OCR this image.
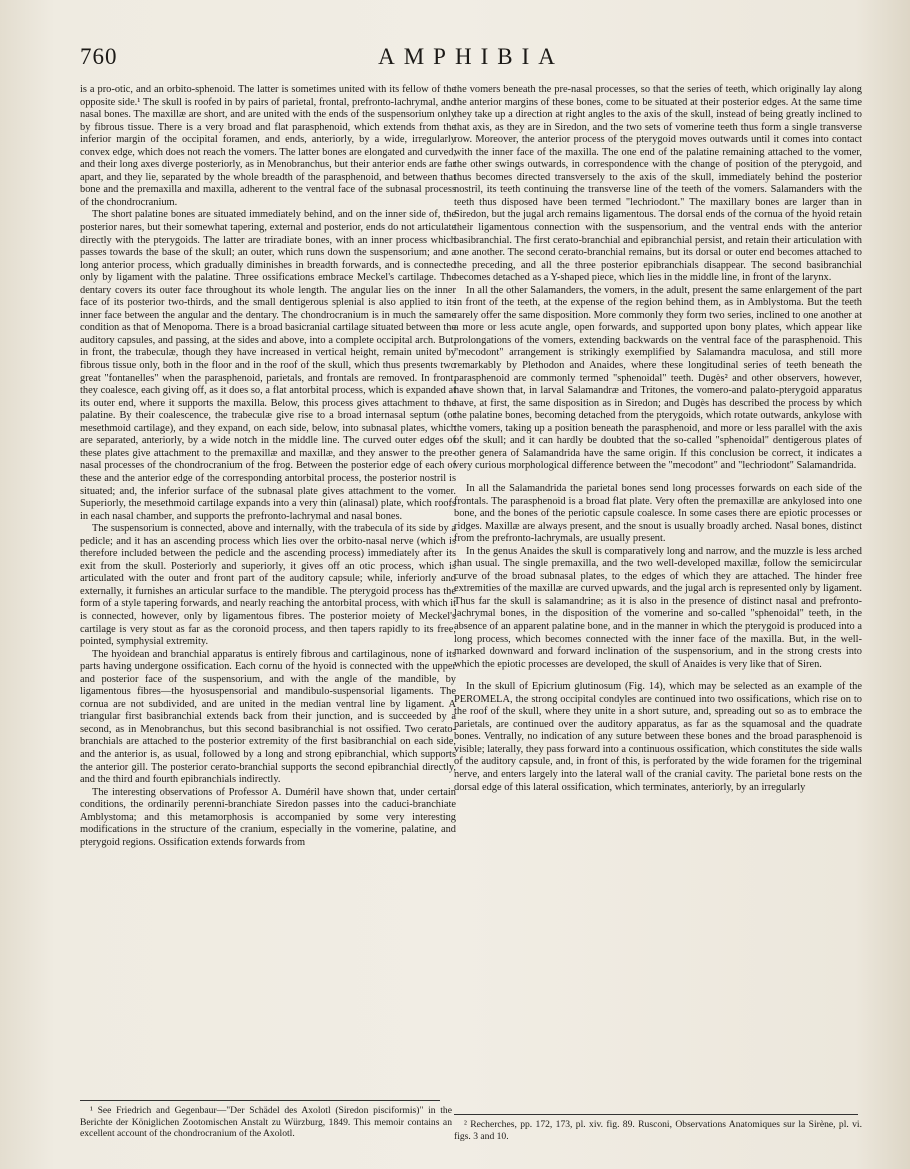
760	AMPHIBIA

is a pro-otic, and an orbito-sphenoid. The latter is sometimes united with its fellow of the opposite side.¹ The skull is roofed in by pairs of parietal, frontal, prefronto-lachrymal, and nasal bones. The maxillæ are short, and are united with the ends of the suspensorium only by fibrous tissue. There is a very broad and flat parasphenoid, which extends from the inferior margin of the occipital foramen, and ends, anteriorly, by a wide, irregularly convex edge, which does not reach the vomers. The latter bones are elongated and curved, and their long axes diverge posteriorly, as in Menobranchus, but their anterior ends are far apart, and they lie, separated by the whole breadth of the parasphenoid, and between that bone and the premaxilla and maxilla, adherent to the ventral face of the subnasal process of the chondrocranium.

The short palatine bones are situated immediately behind, and on the inner side of, the posterior nares, but their somewhat tapering, external and posterior, ends do not articulate directly with the pterygoids. The latter are triradiate bones, with an inner process which passes towards the base of the skull; an outer, which runs down the suspensorium; and a long anterior process, which gradually diminishes in breadth forwards, and is connected only by ligament with the palatine. Three ossifications embrace Meckel's cartilage. The dentary covers its outer face throughout its whole length. The angular lies on the inner face of its posterior two-thirds, and the small dentigerous splenial is also applied to its inner face between the angular and the dentary. The chondrocranium is in much the same condition as that of Menopoma. There is a broad basicranial cartilage situated between the auditory capsules, and passing, at the sides and above, into a complete occipital arch. But, in front, the trabeculæ, though they have increased in vertical height, remain united by fibrous tissue only, both in the floor and in the roof of the skull, which thus presents two great "fontanelles" when the parasphenoid, parietals, and frontals are removed. In front, they coalesce, each giving off, as it does so, a flat antorbital process, which is expanded at its outer end, where it supports the maxilla. Below, this process gives attachment to the palatine. By their coalescence, the trabeculæ give rise to a broad internasal septum (or mesethmoid cartilage), and they expand, on each side, below, into subnasal plates, which are separated, anteriorly, by a wide notch in the middle line. The curved outer edges of these plates give attachment to the premaxillæ and maxillæ, and they answer to the pre-nasal processes of the chondrocranium of the frog. Between the posterior edge of each of these and the anterior edge of the corresponding antorbital process, the posterior nostril is situated; and, the inferior surface of the subnasal plate gives attachment to the vomer. Superiorly, the mesethmoid cartilage expands into a very thin (alinasal) plate, which roofs in each nasal chamber, and supports the prefronto-lachrymal and nasal bones.

The suspensorium is connected, above and internally, with the trabecula of its side by a pedicle; and it has an ascending process which lies over the orbito-nasal nerve (which is therefore included between the pedicle and the ascending process) immediately after its exit from the skull. Posteriorly and superiorly, it gives off an otic process, which is articulated with the outer and front part of the auditory capsule; while, inferiorly and externally, it furnishes an articular surface to the mandible. The pterygoid process has the form of a style tapering forwards, and nearly reaching the antorbital process, with which it is connected, however, only by ligamentous fibres. The posterior moiety of Meckel's cartilage is very stout as far as the coronoid process, and then tapers rapidly to its free, pointed, symphysial extremity.

The hyoidean and branchial apparatus is entirely fibrous and cartilaginous, none of its parts having undergone ossification. Each cornu of the hyoid is connected with the upper and posterior face of the suspensorium, and with the angle of the mandible, by ligamentous fibres—the hyosuspensorial and mandibulo-suspensorial ligaments. The cornua are not subdivided, and are united in the median ventral line by ligament. A triangular first basibranchial extends back from their junction, and is succeeded by a second, as in Menobranchus, but this second basibranchial is not ossified. Two cerato-branchials are attached to the posterior extremity of the first basibranchial on each side, and the anterior is, as usual, followed by a long and strong epibranchial, which supports the anterior gill. The posterior cerato-branchial supports the second epibranchial directly, and the third and fourth epibranchials indirectly.

The interesting observations of Professor A. Duméril have shown that, under certain conditions, the ordinarily perenni-branchiate Siredon passes into the caduci-branchiate Amblystoma; and this metamorphosis is accompanied by some very interesting modifications in the structure of the cranium, especially in the vomerine, palatine, and pterygoid regions. Ossification extends forwards from

the vomers beneath the pre-nasal processes, so that the series of teeth, which originally lay along the anterior margins of these bones, come to be situated at their posterior edges. At the same time they take up a direction at right angles to the axis of the skull, instead of being greatly inclined to that axis, as they are in Siredon, and the two sets of vomerine teeth thus form a single transverse row. Moreover, the anterior process of the pterygoid moves outwards until it comes into contact with the inner face of the maxilla. The one end of the palatine remaining attached to the vomer, the other swings outwards, in correspondence with the change of position of the pterygoid, and thus becomes directed transversely to the axis of the skull, immediately behind the posterior nostril, its teeth continuing the transverse line of the teeth of the vomers. Salamanders with the teeth thus disposed have been termed "lechriodont." The maxillary bones are larger than in Siredon, but the jugal arch remains ligamentous. The dorsal ends of the cornua of the hyoid retain their ligamentous connection with the suspensorium, and the ventral ends with the anterior basibranchial. The first cerato-branchial and epibranchial persist, and retain their articulation with one another. The second cerato-branchial remains, but its dorsal or outer end becomes attached to the preceding, and all the three posterior epibranchials disappear. The second basibranchial becomes detached as a Y-shaped piece, which lies in the middle line, in front of the larynx.

In all the other Salamanders, the vomers, in the adult, present the same enlargement of the part in front of the teeth, at the expense of the region behind them, as in Amblystoma. But the teeth rarely offer the same disposition. More commonly they form two series, inclined to one another at a more or less acute angle, open forwards, and supported upon bony plates, which appear like prolongations of the vomers, extending backwards on the ventral face of the parasphenoid. This "mecodont" arrangement is strikingly exemplified by Salamandra maculosa, and still more remarkably by Plethodon and Anaides, where these longitudinal series of teeth beneath the parasphenoid are commonly termed "sphenoidal" teeth. Dugès² and other observers, however, have shown that, in larval Salamandræ and Tritones, the vomero-and palato-pterygoid apparatus have, at first, the same disposition as in Siredon; and Dugès has described the process by which the palatine bones, becoming detached from the pterygoids, which rotate outwards, ankylose with the vomers, taking up a position beneath the parasphenoid, and more or less parallel with the axis of the skull; and it can hardly be doubted that the so-called "sphenoidal" dentigerous plates of other genera of Salamandrida have the same origin. If this conclusion be correct, it indicates a very curious morphological difference between the "mecodont" and "lechriodont" Salamandrida.

In all the Salamandrida the parietal bones send long processes forwards on each side of the frontals. The parasphenoid is a broad flat plate. Very often the premaxillæ are ankylosed into one bone, and the bones of the periotic capsule coalesce. In some cases there are epiotic processes or ridges. Maxillæ are always present, and the snout is usually broadly arched. Nasal bones, distinct from the prefronto-lachrymals, are usually present.

In the genus Anaides the skull is comparatively long and narrow, and the muzzle is less arched than usual. The single premaxilla, and the two well-developed maxillæ, follow the semicircular curve of the broad subnasal plates, to the edges of which they are attached. The hinder free extremities of the maxillæ are curved upwards, and the jugal arch is represented only by ligament. Thus far the skull is salamandrine; as it is also in the presence of distinct nasal and prefronto-lachrymal bones, in the disposition of the vomerine and so-called "sphenoidal" teeth, in the absence of an apparent palatine bone, and in the manner in which the pterygoid is produced into a long process, which becomes connected with the inner face of the maxilla. But, in the well-marked downward and forward inclination of the suspensorium, and in the strong crests into which the epiotic processes are developed, the skull of Anaides is very like that of Siren.

In the skull of Epicrium glutinosum (Fig. 14), which may be selected as an example of the PEROMELA, the strong occipital condyles are continued into two ossifications, which rise on to the roof of the skull, where they unite in a short suture, and, spreading out so as to embrace the parietals, are continued over the auditory apparatus, as far as the squamosal and the quadrate bones. Ventrally, no indication of any suture between these bones and the broad parasphenoid is visible; laterally, they pass forward into a continuous ossification, which constitutes the side walls of the auditory capsule, and, in front of this, is perforated by the wide foramen for the trigeminal nerve, and enters largely into the lateral wall of the cranial cavity. The parietal bone rests on the dorsal edge of this lateral ossification, which terminates, anteriorly, by an irregularly

¹ See Friedrich and Gegenbaur—"Der Schädel des Axolotl (Siredon pisciformis)" in the Berichte der Königlichen Zootomischen Anstalt zu Würzburg, 1849. This memoir contains an excellent account of the chondrocranium of the Axolotl.

² Recherches, pp. 172, 173, pl. xiv. fig. 89. Rusconi, Observations Anatomiques sur la Sirène, pl. vi. figs. 3 and 10.
